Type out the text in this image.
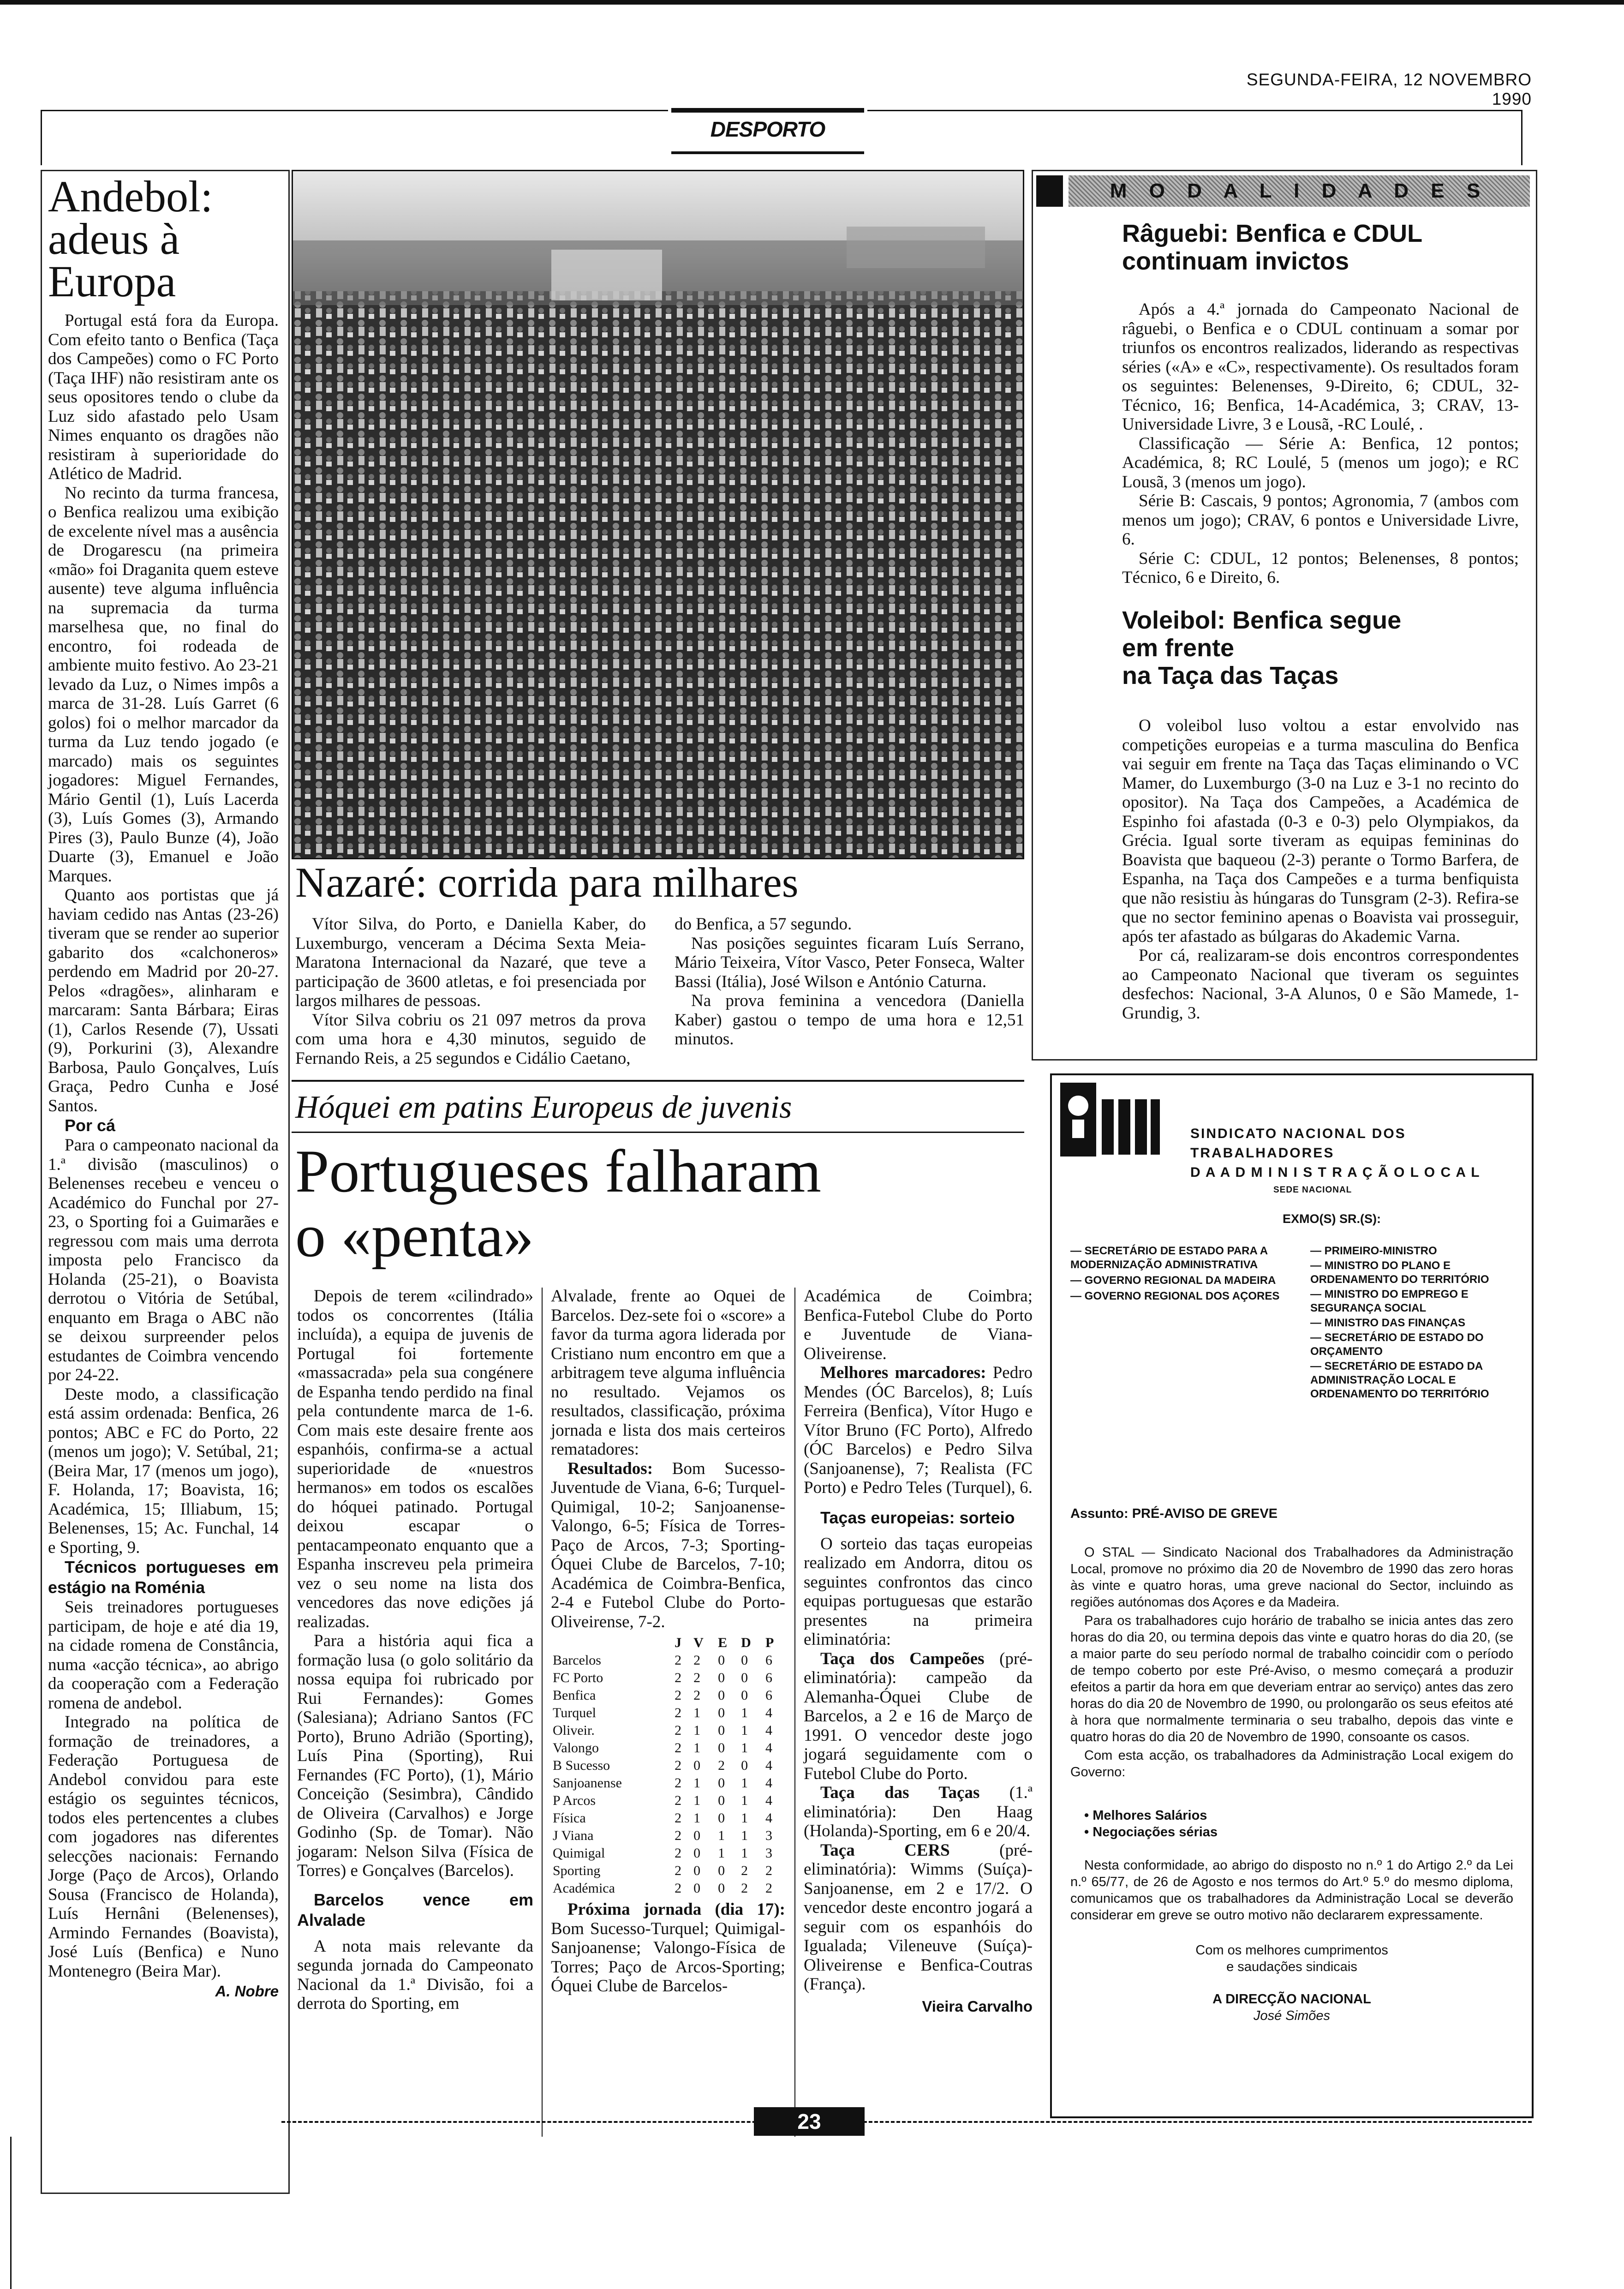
SEGUNDA-FEIRA, 12 NOVEMBRO 1990
DESPORTO
Andebol: adeus à Europa

Portugal está fora da Europa. Com efeito tanto o Benfica (Taça dos Campeões) como o FC Porto (Taça IHF) não resistiram ante os seus opositores tendo o clube da Luz sido afastado pelo Usam Nimes enquanto os dragões não resistiram à superioridade do Atlético de Madrid.

No recinto da turma francesa, o Benfica realizou uma exibição de excelente nível mas a ausência de Drogarescu (na primeira «mão» foi Draganita quem esteve ausente) teve alguma influência na supremacia da turma marselhesa que, no final do encontro, foi rodeada de ambiente muito festivo. Ao 23-21 levado da Luz, o Nimes impôs a marca de 31-28. Luís Garret (6 golos) foi o melhor marcador da turma da Luz tendo jogado (e marcado) mais os seguintes jogadores: Miguel Fernandes, Mário Gentil (1), Luís Lacerda (3), Luís Gomes (3), Armando Pires (3), Paulo Bunze (4), João Duarte (3), Emanuel e João Marques.

Quanto aos portistas que já haviam cedido nas Antas (23-26) tiveram que se render ao superior gabarito dos «calchoneros» perdendo em Madrid por 20-27. Pelos «dragões», alinharam e marcaram: Santa Bárbara; Eiras (1), Carlos Resende (7), Ussati (9), Porkurini (3), Alexandre Barbosa, Paulo Gonçalves, Luís Graça, Pedro Cunha e José Santos.

Por cá

Para o campeonato nacional da 1.ª divisão (masculinos) o Belenenses recebeu e venceu o Académico do Funchal por 27-23, o Sporting foi a Guimarães e regressou com mais uma derrota imposta pelo Francisco da Holanda (25-21), o Boavista derrotou o Vitória de Setúbal, enquanto em Braga o ABC não se deixou surpreender pelos estudantes de Coimbra vencendo por 24-22.

Deste modo, a classificação está assim ordenada: Benfica, 26 pontos; ABC e FC do Porto, 22 (menos um jogo); V. Setúbal, 21; (Beira Mar, 17 (menos um jogo), F. Holanda, 17; Boavista, 16; Académica, 15; Illiabum, 15; Belenenses, 15; Ac. Funchal, 14 e Sporting, 9.

Técnicos portugueses em estágio na Roménia

Seis treinadores portugueses participam, de hoje e até dia 19, na cidade romena de Constância, numa «acção técnica», ao abrigo da cooperação com a Federação romena de andebol.

Integrado na política de formação de treinadores, a Federação Portuguesa de Andebol convidou para este estágio os seguintes técnicos, todos eles pertencentes a clubes com jogadores nas diferentes selecções nacionais: Fernando Jorge (Paço de Arcos), Orlando Sousa (Francisco de Holanda), Luís Hernâni (Belenenses), Armindo Fernandes (Boavista), José Luís (Benfica) e Nuno Montenegro (Beira Mar).

A. Nobre
Nazaré: corrida para milhares

Vítor Silva, do Porto, e Daniella Kaber, do Luxemburgo, venceram a Décima Sexta Meia-Maratona Internacional da Nazaré, que teve a participação de 3600 atletas, e foi presenciada por largos milhares de pessoas.

Vítor Silva cobriu os 21 097 metros da prova com uma hora e 4,30 minutos, seguido de Fernando Reis, a 25 segundos e Cidálio Caetano,

do Benfica, a 57 segundo.

Nas posições seguintes ficaram Luís Serrano, Mário Teixeira, Vítor Vasco, Peter Fonseca, Walter Bassi (Itália), José Wilson e António Caturna.

Na prova feminina a vencedora (Daniella Kaber) gastou o tempo de uma hora e 12,51 minutos.

M O D A L I D A D E S
Râguebi: Benfica e CDUL
continuam invictos

Após a 4.ª jornada do Campeonato Nacional de râguebi, o Benfica e o CDUL continuam a somar por triunfos os encontros realizados, liderando as respectivas séries («A» e «C», respectivamente). Os resultados foram os seguintes: Belenenses, 9-Direito, 6; CDUL, 32-Técnico, 16; Benfica, 14-Académica, 3; CRAV, 13-Universidade Livre, 3 e Lousã, -RC Loulé, .

Classificação — Série A: Benfica, 12 pontos; Académica, 8; RC Loulé, 5 (menos um jogo); e RC Lousã, 3 (menos um jogo).

Série B: Cascais, 9 pontos; Agronomia, 7 (ambos com menos um jogo); CRAV, 6 pontos e Universidade Livre, 6.

Série C: CDUL, 12 pontos; Belenenses, 8 pontos; Técnico, 6 e Direito, 6.

Voleibol: Benfica segue
em frente
na Taça das Taças

O voleibol luso voltou a estar envolvido nas competições europeias e a turma masculina do Benfica vai seguir em frente na Taça das Taças eliminando o VC Mamer, do Luxemburgo (3-0 na Luz e 3-1 no recinto do opositor). Na Taça dos Campeões, a Académica de Espinho foi afastada (0-3 e 0-3) pelo Olympiakos, da Grécia. Igual sorte tiveram as equipas femininas do Boavista que baqueou (2-3) perante o Tormo Barfera, de Espanha, na Taça dos Campeões e a turma benfiquista que não resistiu às húngaras do Tunsgram (2-3). Refira-se que no sector feminino apenas o Boavista vai prosseguir, após ter afastado as búlgaras do Akademic Varna.

Por cá, realizaram-se dois encontros correspondentes ao Campeonato Nacional que tiveram os seguintes desfechos: Nacional, 3-A Alunos, 0 e São Mamede, 1-Grundig, 3.

Hóquei em patins Europeus de juvenis
Portugueses falharam
o «penta»

Depois de terem «cilindrado» todos os concorrentes (Itália incluída), a equipa de juvenis de Portugal foi fortemente «massacrada» pela sua congénere de Espanha tendo perdido na final pela contundente marca de 1-6. Com mais este desaire frente aos espanhóis, confirma-se a actual superioridade de «nuestros hermanos» em todos os escalões do hóquei patinado. Portugal deixou escapar o pentacampeonato enquanto que a Espanha inscreveu pela primeira vez o seu nome na lista dos vencedores das nove edições já realizadas.

Para a história aqui fica a formação lusa (o golo solitário da nossa equipa foi rubricado por Rui Fernandes): Gomes (Salesiana); Adriano Santos (FC Porto), Bruno Adrião (Sporting), Luís Pina (Sporting), Rui Fernandes (FC Porto), (1), Mário Conceição (Sesimbra), Cândido de Oliveira (Carvalhos) e Jorge Godinho (Sp. de Tomar). Não jogaram: Nelson Silva (Física de Torres) e Gonçalves (Barcelos).

Barcelos vence em Alvalade

A nota mais relevante da segunda jornada do Campeonato Nacional da 1.ª Divisão, foi a derrota do Sporting, em

Alvalade, frente ao Oquei de Barcelos. Dez-sete foi o «score» a favor da turma agora liderada por Cristiano num encontro em que a arbitragem teve alguma influência no resultado. Vejamos os resultados, classificação, próxima jornada e lista dos mais certeiros rematadores:

Resultados: Bom Sucesso-Juventude de Viana, 6-6; Turquel-Quimigal, 10-2; Sanjoanense-Valongo, 6-5; Física de Torres-Paço de Arcos, 7-3; Sporting-Óquei Clube de Barcelos, 7-10; Académica de Coimbra-Benfica, 2-4 e Futebol Clube do Porto-Oliveirense, 7-2.

	J	V	E	D	P
Barcelos	2	2	0	0	6
FC Porto	2	2	0	0	6
Benfica	2	2	0	0	6
Turquel	2	1	0	1	4
Oliveir.	2	1	0	1	4
Valongo	2	1	0	1	4
B Sucesso	2	0	2	0	4
Sanjoanense	2	1	0	1	4
P Arcos	2	1	0	1	4
Física	2	1	0	1	4
J Viana	2	0	1	1	3
Quimigal	2	0	1	1	3
Sporting	2	0	0	2	2
Académica	2	0	0	2	2

Próxima jornada (dia 17): Bom Sucesso-Turquel; Quimigal-Sanjoanense; Valongo-Física de Torres; Paço de Arcos-Sporting; Óquei Clube de Barcelos-

Académica de Coimbra; Benfica-Futebol Clube do Porto e Juventude de Viana-Oliveirense.

Melhores marcadores: Pedro Mendes (ÓC Barcelos), 8; Luís Ferreira (Benfica), Vítor Hugo e Vítor Bruno (FC Porto), Alfredo (ÓC Barcelos) e Pedro Silva (Sanjoanense), 7; Realista (FC Porto) e Pedro Teles (Turquel), 6.

Taças europeias: sorteio

O sorteio das taças europeias realizado em Andorra, ditou os seguintes confrontos das cinco equipas portuguesas que estarão presentes na primeira eliminatória:

Taça dos Campeões (pré-eliminatória): campeão da Alemanha-Óquei Clube de Barcelos, a 2 e 16 de Março de 1991. O vencedor deste jogo jogará seguidamente com o Futebol Clube do Porto.

Taça das Taças (1.ª eliminatória): Den Haag (Holanda)-Sporting, em 6 e 20/4.

Taça CERS	(pré-eliminatória): Wimms (Suíça)-Sanjoanense, em 2 e 17/2. O vencedor deste encontro jogará a seguir com os espanhóis do Igualada; Vileneuve (Suíça)-Oliveirense e Benfica-Coutras (França).

Vieira Carvalho
SINDICATO NACIONAL DOS TRABALHADORES
D A A D M I N I S T R A Ç Ã O L O C A L
SEDE NACIONAL
EXMO(S) SR.(S):
— SECRETÁRIO DE ESTADO PARA A MODERNIZAÇÃO ADMINISTRATIVA
— GOVERNO REGIONAL DA MADEIRA
— GOVERNO REGIONAL DOS AÇORES
— PRIMEIRO-MINISTRO
— MINISTRO DO PLANO E ORDENAMENTO DO TERRITÓRIO
— MINISTRO DO EMPREGO E SEGURANÇA SOCIAL
— MINISTRO DAS FINANÇAS
— SECRETÁRIO DE ESTADO DO ORÇAMENTO
— SECRETÁRIO DE ESTADO DA ADMINISTRAÇÃO LOCAL E ORDENAMENTO DO TERRITÓRIO
Assunto: PRÉ-AVISO DE GREVE

O STAL — Sindicato Nacional dos Trabalhadores da Administração Local, promove no próximo dia 20 de Novembro de 1990 das zero horas às vinte e quatro horas, uma greve nacional do Sector, incluindo as regiões autónomas dos Açores e da Madeira.

Para os trabalhadores cujo horário de trabalho se inicia antes das zero horas do dia 20, ou termina depois das vinte e quatro horas do dia 20, (se a maior parte do seu período normal de trabalho coincidir com o período de tempo coberto por este Pré-Aviso, o mesmo começará a produzir efeitos a partir da hora em que deveriam entrar ao serviço) antes das zero horas do dia 20 de Novembro de 1990, ou prolongarão os seus efeitos até à hora que normalmente terminaria o seu trabalho, depois das vinte e quatro horas do dia 20 de Novembro de 1990, consoante os casos.

Com esta acção, os trabalhadores da Administração Local exigem do Governo:

• Melhores Salários
• Negociações sérias

Nesta conformidade, ao abrigo do disposto no n.º 1 do Artigo 2.º da Lei n.º 65/77, de 26 de Agosto e nos termos do Art.º 5.º do mesmo diploma, comunicamos que os trabalhadores da Administração Local se deverão considerar em greve se outro motivo não declararem expressamente.

Com os melhores cumprimentos
e saudações sindicais
A DIRECÇÃO NACIONAL
José Simões
23
